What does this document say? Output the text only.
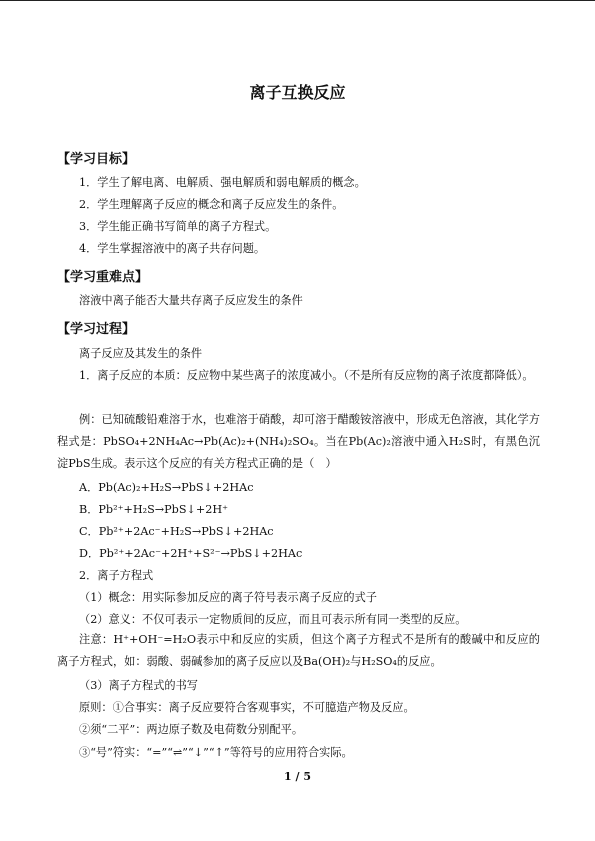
离子互换反应
【学习目标】
1．学生了解电离、电解质、强电解质和弱电解质的概念。
2．学生理解离子反应的概念和离子反应发生的条件。
3．学生能正确书写简单的离子方程式。
4．学生掌握溶液中的离子共存问题。
【学习重难点】
溶液中离子能否大量共存离子反应发生的条件
【学习过程】
离子反应及其发生的条件
1．离子反应的本质：反应物中某些离子的浓度减小。（不是所有反应物的离子浓度都降低）。
例：已知硫酸铅难溶于水，也难溶于硝酸，却可溶于醋酸铵溶液中，形成无色溶液，其化学方程式是：PbSO₄+2NH₄Ac→Pb(Ac)₂+(NH₄)₂SO₄。当在Pb(Ac)₂溶液中通入H₂S时，有黑色沉淀PbS生成。表示这个反应的有关方程式正确的是（　）
A．Pb(Ac)₂+H₂S→PbS↓+2HAc
B．Pb²⁺+H₂S→PbS↓+2H⁺
C．Pb²⁺+2Ac⁻+H₂S→PbS↓+2HAc
D．Pb²⁺+2Ac⁻+2H⁺+S²⁻→PbS↓+2HAc
2．离子方程式
（1）概念：用实际参加反应的离子符号表示离子反应的式子
（2）意义：不仅可表示一定物质间的反应，而且可表示所有同一类型的反应。
注意：H⁺+OH⁻=H₂O表示中和反应的实质，但这个离子方程式不是所有的酸碱中和反应的离子方程式，如：弱酸、弱碱参加的离子反应以及Ba(OH)₂与H₂SO₄的反应。
（3）离子方程式的书写
原则：①合事实：离子反应要符合客观事实，不可臆造产物及反应。
②须“二平”：两边原子数及电荷数分别配平。
③“号”符实：“=”“⇌”“↓”“↑”等符号的应用符合实际。
1 / 5
